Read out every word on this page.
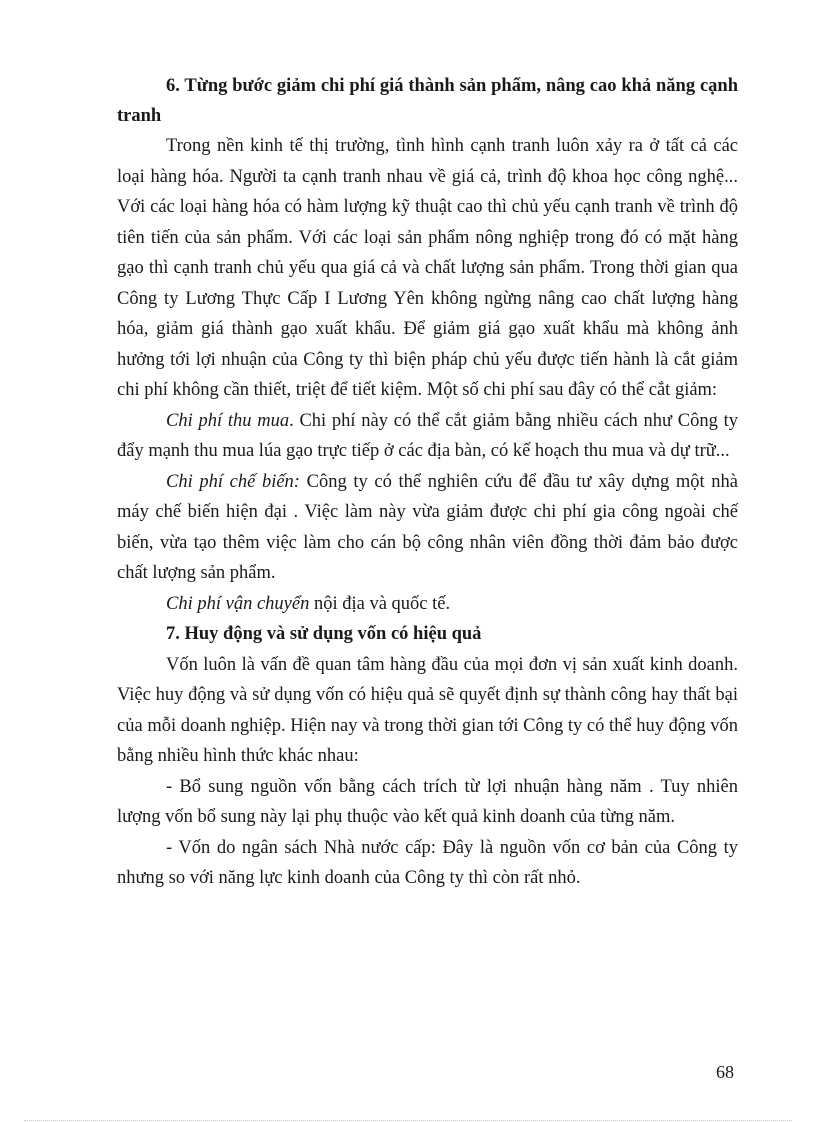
6. Từng bước giảm chi phí giá thành sản phẩm, nâng cao khả năng cạnh tranh

Trong nền kinh tế thị trường, tình hình cạnh tranh luôn xảy ra ở tất cả các loại hàng hóa. Người ta cạnh tranh nhau về giá cả, trình độ khoa học công nghệ... Với các loại hàng hóa có hàm lượng kỹ thuật cao thì chủ yếu cạnh tranh về trình độ tiên tiến của sản phẩm. Với các loại sản phẩm nông nghiệp trong đó có mặt hàng gạo thì cạnh tranh chủ yếu qua giá cả và chất lượng sản phẩm. Trong thời gian qua Công ty Lương Thực Cấp I Lương Yên không ngừng nâng cao chất lượng hàng hóa, giảm giá thành gạo xuất khẩu. Để giảm giá gạo xuất khẩu mà không ảnh hưởng tới lợi nhuận của Công ty thì biện pháp chủ yếu được tiến hành là cắt giảm chi phí không cần thiết, triệt để tiết kiệm. Một số chi phí sau đây có thể cắt giảm:

Chi phí thu mua. Chi phí này có thể cắt giảm bằng nhiều cách như Công ty đẩy mạnh thu mua lúa gạo trực tiếp ở các địa bàn, có kế hoạch thu mua và dự trữ...

Chi phí chế biến: Công ty có thể nghiên cứu để đầu tư xây dựng một nhà máy chế biến hiện đại . Việc làm này vừa giảm được chi phí gia công ngoài chế biến, vừa tạo thêm việc làm cho cán bộ công nhân viên đồng thời đảm bảo được chất lượng sản phẩm.

Chi phí vận chuyển nội địa và quốc tế.

7. Huy động và sử dụng vốn có hiệu quả

Vốn luôn là vấn đề quan tâm hàng đầu của mọi đơn vị sản xuất kinh doanh. Việc huy động và sử dụng vốn có hiệu quả sẽ quyết định sự thành công hay thất bại của mỗi doanh nghiệp. Hiện nay và trong thời gian tới Công ty có thể huy động vốn bằng nhiều hình thức khác nhau:

- Bổ sung nguồn vốn bằng cách trích từ lợi nhuận hàng năm . Tuy nhiên lượng vốn bổ sung này lại phụ thuộc vào kết quả kinh doanh của từng năm.

- Vốn do ngân sách Nhà nước cấp: Đây là nguồn vốn cơ bản của Công ty nhưng so với năng lực kinh doanh của Công ty thì còn rất nhỏ.

68
